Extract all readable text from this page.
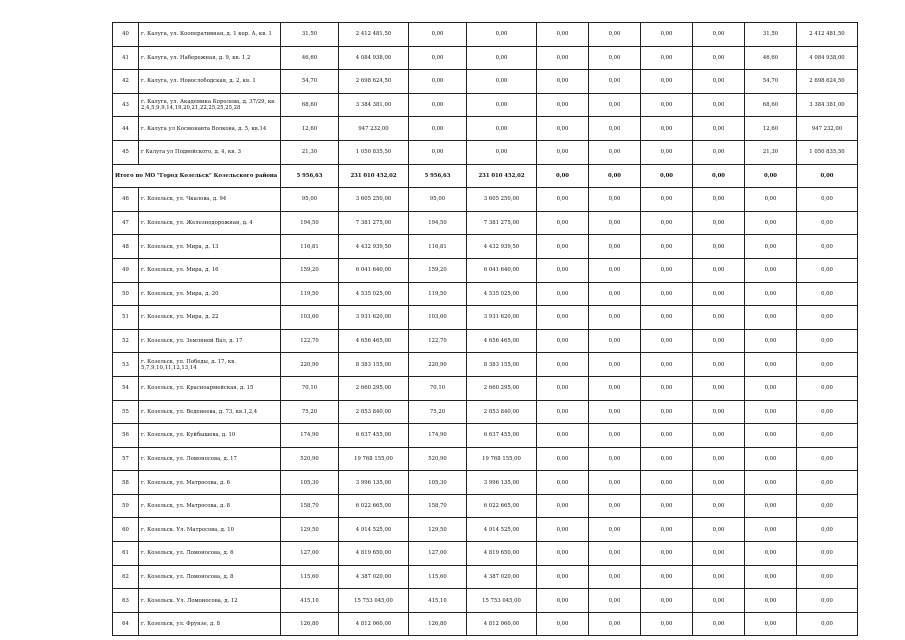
40	г. Калуга, ул. Кооперативная, д. 1 кор. А, кв. 1	31,50	2 412 481,50	0,00	0,00	0,00	0,00	0,00	0,00	31,50	2 412 481,50
41	г. Калуга, ул. Набережная, д. 9, кв. 1,2	46,60	4 084 938,00	0,00	0,00	0,00	0,00	0,00	0,00	46,60	4 084 938,00
42	г. Калуга, ул. Новослободская, д. 2, кв. 1	54,70	2 698 624,50	0,00	0,00	0,00	0,00	0,00	0,00	54,70	2 698 624,50
43	г. Калуга, ул. Академика Королева, д. 37/29, кв. 2,4,5,9,9,14,19,20,21,22,25,25,25,28	68,60	3 384 381,00	0,00	0,00	0,00	0,00	0,00	0,00	68,60	3 384 381,00
44	г. Калуга ул Космонавта Волкова, д. 5, кв.14	12,60	947 232,00	0,00	0,00	0,00	0,00	0,00	0,00	12,60	947 232,00
45	г Калуга ул Подвойского, д. 4, кв. 3	21,30	1 050 835,50	0,00	0,00	0,00	0,00	0,00	0,00	21,30	1 050 835,50
Итого по МО "Город Козельск" Козельского района		5 956,63	231 010 452,02	5 956,63	231 010 452,02	0,00	0,00	0,00	0,00	0,00	0,00
46	г. Козельск, ул. Чкалова, д. 94	95,00	3 605 250,00	95,00	3 605 250,00	0,00	0,00	0,00	0,00	0,00	0,00
47	г. Козельск, ул. Железнодорожная, д. 4	194,50	7 381 275,00	194,50	7 381 275,00	0,00	0,00	0,00	0,00	0,00	0,00
48	г. Козельск, ул. Мира, д. 13	116,81	4 432 939,50	116,81	4 432 939,50	0,00	0,00	0,00	0,00	0,00	0,00
49	г. Козельск, ул. Мира, д. 16	159,20	6 041 640,00	159,20	6 041 640,00	0,00	0,00	0,00	0,00	0,00	0,00
50	г. Козельск, ул. Мира, д. 20	119,50	4 535 025,00	119,50	4 535 025,00	0,00	0,00	0,00	0,00	0,00	0,00
51	г. Козельск, ул. Мира, д. 22	103,60	3 931 620,00	103,60	3 931 620,00	0,00	0,00	0,00	0,00	0,00	0,00
52	г. Козельск, ул. Земляной Вал, д. 17	122,70	4 656 465,00	122,70	4 656 465,00	0,00	0,00	0,00	0,00	0,00	0,00
53	г. Козельск, ул. Победы, д. 17, кв. 5,7,9,10,11,12,13,14	220,90	8 383 155,00	220,90	8 383 155,00	0,00	0,00	0,00	0,00	0,00	0,00
54	г. Козельск, ул. Красноармейская, д. 15	70,10	2 660 295,00	70,10	2 660 295,00	0,00	0,00	0,00	0,00	0,00	0,00
55	г. Козельск, ул. Веденеева, д. 73, кв.1,2,4	75,20	2 853 840,00	75,20	2 853 840,00	0,00	0,00	0,00	0,00	0,00	0,00
56	г. Козельск, ул. Куйбышева, д. 10	174,90	6 637 455,00	174,90	6 637 455,00	0,00	0,00	0,00	0,00	0,00	0,00
57	г. Козельск, ул. Ломоносова, д. 17	520,90	19 768 155,00	520,90	19 768 155,00	0,00	0,00	0,00	0,00	0,00	0,00
58	г. Козельск, ул. Матросова, д. 6	105,30	3 996 135,00	105,30	3 996 135,00	0,00	0,00	0,00	0,00	0,00	0,00
59	г. Козельск, ул. Матросова, д. 8	158,70	6 022 665,00	158,70	6 022 665,00	0,00	0,00	0,00	0,00	0,00	0,00
60	г. Козельск. Ул. Матросова, д. 10	129,50	4 914 525,00	129,50	4 914 525,00	0,00	0,00	0,00	0,00	0,00	0,00
61	г. Козельск, ул. Ломоносова, д. 6	127,00	4 819 650,00	127,00	4 819 650,00	0,00	0,00	0,00	0,00	0,00	0,00
62	г. Козельск, ул. Ломоносова, д. 8	115,60	4 387 020,00	115,60	4 387 020,00	0,00	0,00	0,00	0,00	0,00	0,00
63	г. Козельск. Ул. Ломоносова, д. 12	415,10	15 753 045,00	415,10	15 753 045,00	0,00	0,00	0,00	0,00	0,00	0,00
64	г. Козельск, ул. Фрунзе, д. 8	126,80	4 812 060,00	126,80	4 812 060,00	0,00	0,00	0,00	0,00	0,00	0,00
